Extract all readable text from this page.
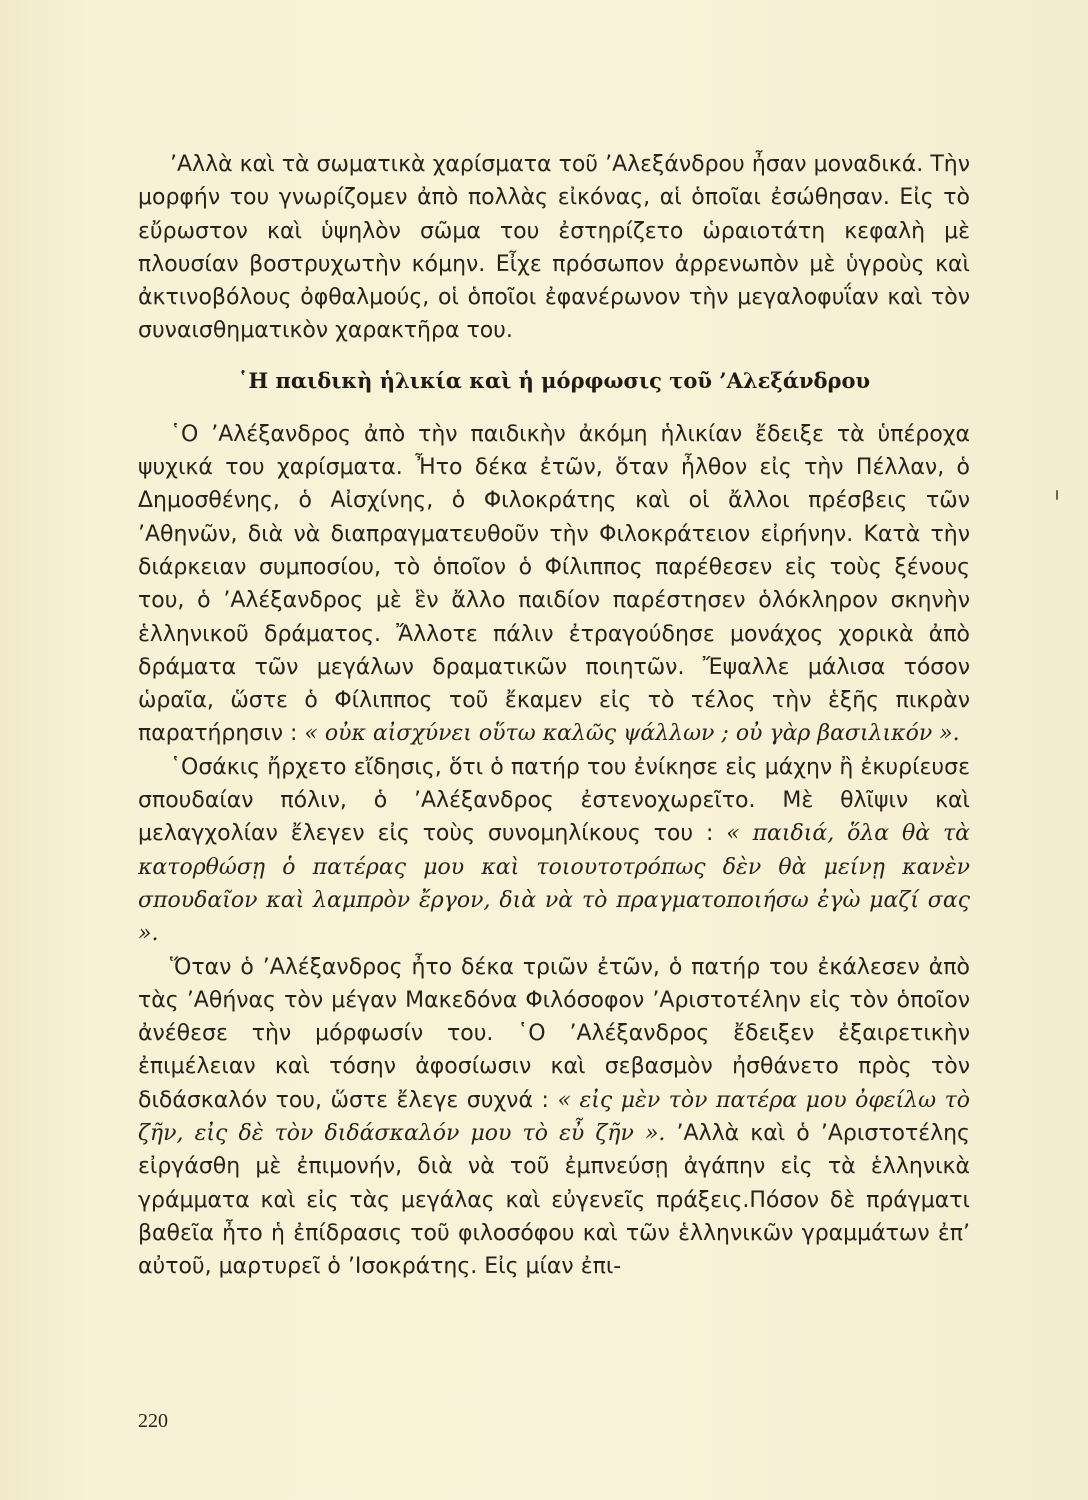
’Αλλὰ καὶ τὰ σωματικὰ χαρίσματα τοῦ ’Αλεξάνδρου ἦσαν μοναδικά. Τὴν μορφήν του γνωρίζομεν ἀπὸ πολλὰς εἰκόνας, αἱ ὁποῖαι ἐσώθησαν. Εἰς τὸ εὔρωστον καὶ ὑψηλὸν σῶμα του ἐστηρίζετο ὡραιοτάτη κεφαλὴ μὲ πλουσίαν βοστρυχωτὴν κόμην. Εἶχε πρόσωπον ἀρρενωπὸν μὲ ὑγροὺς καὶ ἀκτινοβόλους ὀφθαλμούς, οἱ ὁποῖοι ἐφανέρωνον τὴν μεγαλοφυΐαν καὶ τὸν συναισθηματικὸν χαρακτῆρα του.

῾Η παιδικὴ ἡλικία καὶ ἡ μόρφωσις τοῦ ’Αλεξάνδρου

῾Ο ’Αλέξανδρος ἀπὸ τὴν παιδικὴν ἀκόμη ἡλικίαν ἔδειξε τὰ ὑπέροχα ψυχικά του χαρίσματα. Ἦτο δέκα ἐτῶν, ὅταν ἦλθον εἰς τὴν Πέλλαν, ὁ Δημοσθένης, ὁ Αἰσχίνης, ὁ Φιλοκράτης καὶ οἱ ἄλλοι πρέσβεις τῶν ’Αθηνῶν, διὰ νὰ διαπραγματευθοῦν τὴν Φιλοκράτειον εἰρήνην. Κατὰ τὴν διάρκειαν συμποσίου, τὸ ὁποῖον ὁ Φίλιππος παρέθεσεν εἰς τοὺς ξένους του, ὁ ’Αλέξανδρος μὲ ἓν ἄλλο παιδίον παρέστησεν ὁλόκληρον σκηνὴν ἑλληνικοῦ δράματος. Ἄλλοτε πάλιν ἐτραγούδησε μονάχος χορικὰ ἀπὸ δράματα τῶν μεγάλων δραματικῶν ποιητῶν. Ἔψαλλε μάλισα τόσον ὡραῖα, ὥστε ὁ Φίλιππος τοῦ ἔκαμεν εἰς τὸ τέλος τὴν ἑξῆς πικρὰν παρατήρησιν : « οὐκ αἰσχύνει οὕτω καλῶς ψάλλων ; οὐ γὰρ βασιλικόν ».

῾Οσάκις ἤρχετο εἴδησις, ὅτι ὁ πατήρ του ἐνίκησε εἰς μάχην ἢ ἐκυρίευσε σπουδαίαν πόλιν, ὁ ’Αλέξανδρος ἐστενοχωρεῖτο. Μὲ θλῖψιν καὶ μελαγχολίαν ἔλεγεν εἰς τοὺς συνομηλίκους του : « παιδιά, ὅλα θὰ τὰ κατορθώσῃ ὁ πατέρας μου καὶ τοιουτοτρόπως δὲν θὰ μείνῃ κανὲν σπουδαῖον καὶ λαμπρὸν ἔργον, διὰ νὰ τὸ πραγματοποιήσω ἐγὼ μαζί σας ».

Ὅταν ὁ ’Αλέξανδρος ἦτο δέκα τριῶν ἐτῶν, ὁ πατήρ του ἐκάλεσεν ἀπὸ τὰς ’Αθήνας τὸν μέγαν Μακεδόνα Φιλόσοφον ’Αριστοτέλην εἰς τὸν ὁποῖον ἀνέθεσε τὴν μόρφωσίν του. ῾Ο ’Αλέξανδρος ἔδειξεν ἐξαιρετικὴν ἐπιμέλειαν καὶ τόσην ἀφοσίωσιν καὶ σεβασμὸν ἠσθάνετο πρὸς τὸν διδάσκαλόν του, ὥστε ἔλεγε συχνά : « εἰς μὲν τὸν πατέρα μου ὀφείλω τὸ ζῆν, εἰς δὲ τὸν διδάσκαλόν μου τὸ εὖ ζῆν ». ’Αλλὰ καὶ ὁ ’Αριστοτέλης εἰργάσθη μὲ ἐπιμονήν, διὰ νὰ τοῦ ἐμπνεύσῃ ἀγάπην εἰς τὰ ἑλληνικὰ γράμματα καὶ εἰς τὰς μεγάλας καὶ εὐγενεῖς πράξεις.Πόσον δὲ πράγματι βαθεῖα ἦτο ἡ ἐπίδρασις τοῦ φιλοσόφου καὶ τῶν ἑλληνικῶν γραμμάτων ἐπ’ αὐτοῦ, μαρτυρεῖ ὁ ’Ισοκράτης. Εἰς μίαν ἐπι-

220
